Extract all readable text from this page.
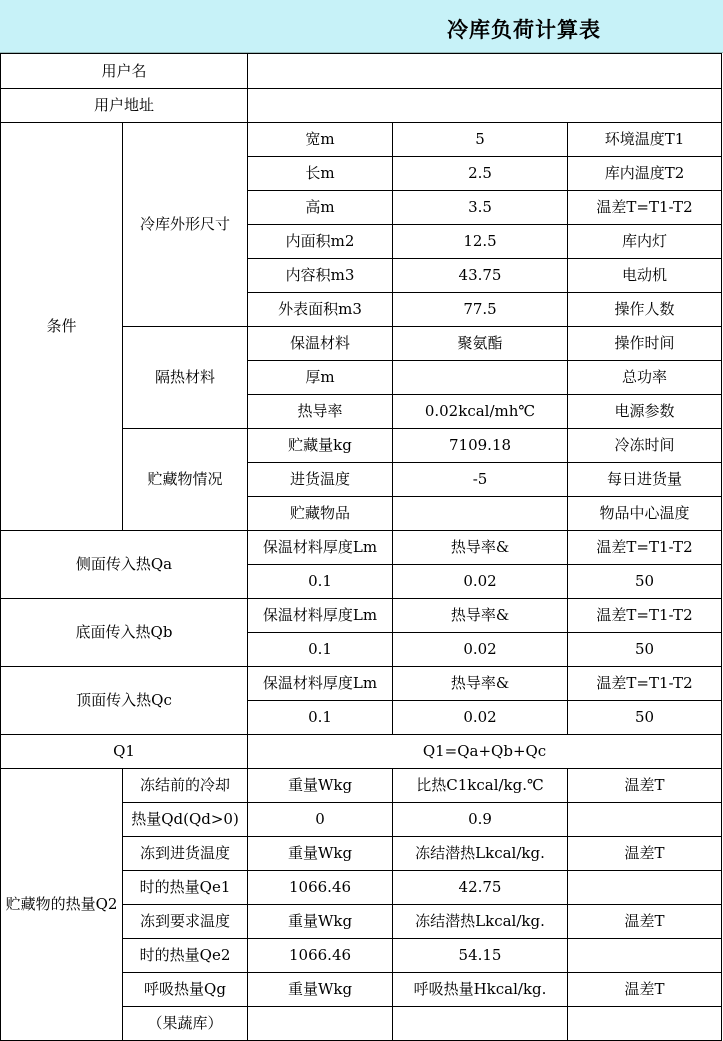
冷库负荷计算表
用户名				
用户地址				
条件	冷库外形尺寸	宽m	5	环境温度T1
		长m	2.5	库内温度T2
		高m	3.5	温差T=T1-T2
		内面积m2	12.5	库内灯
		内容积m3	43.75	电动机
		外表面积m3	77.5	操作人数
	隔热材料	保温材料	聚氨酯	操作时间
		厚m		总功率
		热导率	0.02kcal/mh℃	电源参数
	贮藏物情况	贮藏量kg	7109.18	冷冻时间
		进货温度	-5	每日进货量
		贮藏物品		物品中心温度
侧面传入热Qa		保温材料厚度Lm	热导率&	温差T=T1-T2
		0.1	0.02	50
底面传入热Qb		保温材料厚度Lm	热导率&	温差T=T1-T2
		0.1	0.02	50
顶面传入热Qc		保温材料厚度Lm	热导率&	温差T=T1-T2
		0.1	0.02	50
Q1		Q1=Qa+Qb+Qc		
贮藏物的热量Q2	冻结前的冷却	重量Wkg	比热C1kcal/kg.℃	温差T
	热量Qd(Qd>0)	0	0.9	
	冻到进货温度	重量Wkg	冻结潜热Lkcal/kg.	温差T
	时的热量Qe1	1066.46	42.75	
	冻到要求温度	重量Wkg	冻结潜热Lkcal/kg.	温差T
	时的热量Qe2	1066.46	54.15	
	呼吸热量Qg	重量Wkg	呼吸热量Hkcal/kg.	温差T
	（果蔬库）			
